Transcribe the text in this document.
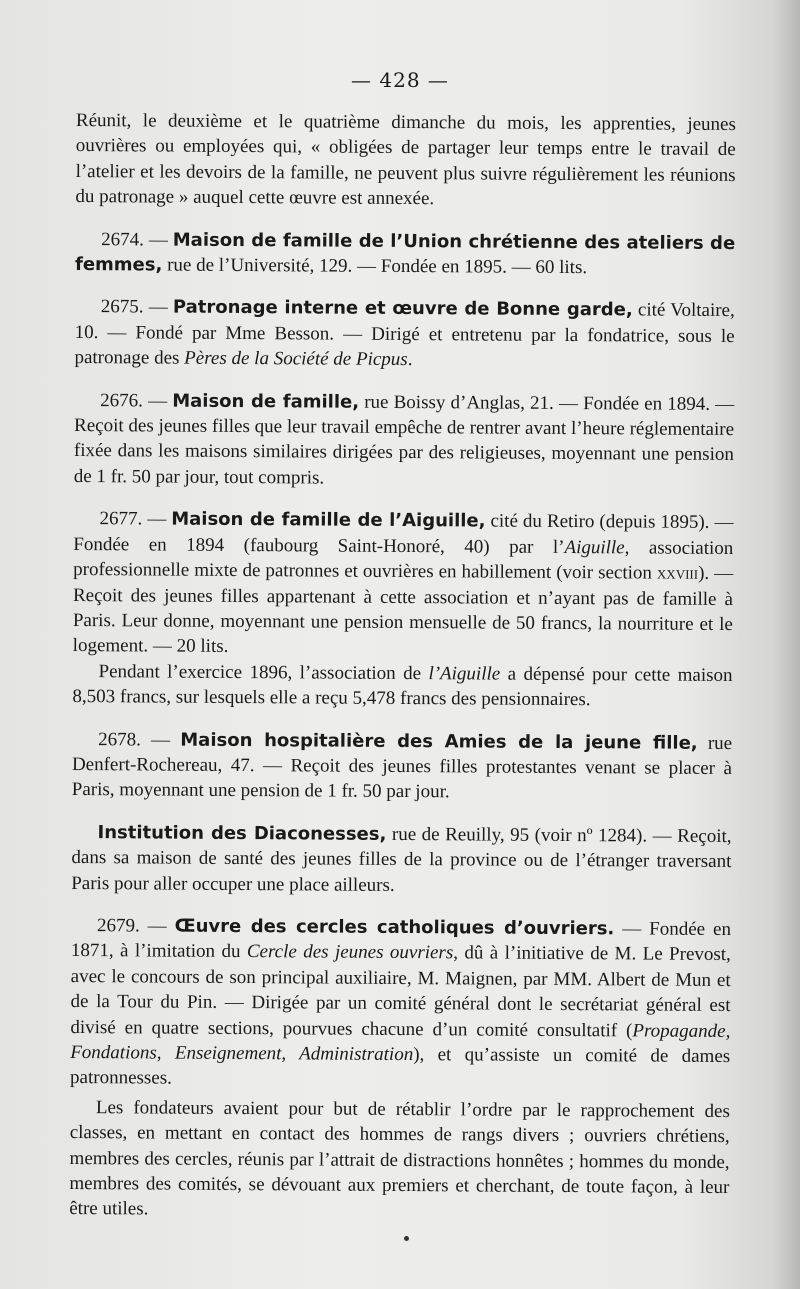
— 428 —

Réunit, le deuxième et le quatrième dimanche du mois, les apprenties, jeunes ouvrières ou employées qui, « obligées de partager leur temps entre le travail de l’atelier et les devoirs de la famille, ne peuvent plus suivre régulièrement les réunions du patronage » auquel cette œuvre est annexée.

2674. — Maison de famille de l’Union chrétienne des ateliers de femmes, rue de l’Université, 129. — Fondée en 1895. — 60 lits.

2675. — Patronage interne et œuvre de Bonne garde, cité Voltaire, 10. — Fondé par Mme Besson. — Dirigé et entretenu par la fondatrice, sous le patronage des Pères de la Société de Picpus.

2676. — Maison de famille, rue Boissy d’Anglas, 21. — Fondée en 1894. — Reçoit des jeunes filles que leur travail empêche de rentrer avant l’heure réglementaire fixée dans les maisons similaires dirigées par des religieuses, moyennant une pension de 1 fr. 50 par jour, tout compris.

2677. — Maison de famille de l’Aiguille, cité du Retiro (depuis 1895). — Fondée en 1894 (faubourg Saint-Honoré, 40) par l’Aiguille, association professionnelle mixte de patronnes et ouvrières en habillement (voir section xxviii). — Reçoit des jeunes filles appartenant à cette association et n’ayant pas de famille à Paris. Leur donne, moyennant une pension mensuelle de 50 francs, la nourriture et le logement. — 20 lits.

Pendant l’exercice 1896, l’association de l’Aiguille a dépensé pour cette maison 8,503 francs, sur lesquels elle a reçu 5,478 francs des pensionnaires.

2678. — Maison hospitalière des Amies de la jeune fille, rue Denfert-Rochereau, 47. — Reçoit des jeunes filles protestantes venant se placer à Paris, moyennant une pension de 1 fr. 50 par jour.

Institution des Diaconesses, rue de Reuilly, 95 (voir nº 1284). — Reçoit, dans sa maison de santé des jeunes filles de la province ou de l’étranger traversant Paris pour aller occuper une place ailleurs.

2679. — Œuvre des cercles catholiques d’ouvriers. — Fondée en 1871, à l’imitation du Cercle des jeunes ouvriers, dû à l’initiative de M. Le Prevost, avec le concours de son principal auxiliaire, M. Maignen, par MM. Albert de Mun et de la Tour du Pin. — Dirigée par un comité général dont le secrétariat général est divisé en quatre sections, pourvues chacune d’un comité consultatif (Propagande, Fondations, Enseignement, Administration), et qu’assiste un comité de dames patronnesses.

Les fondateurs avaient pour but de rétablir l’ordre par le rapprochement des classes, en mettant en contact des hommes de rangs divers ; ouvriers chrétiens, membres des cercles, réunis par l’attrait de distractions honnêtes ; hommes du monde, membres des comités, se dévouant aux premiers et cherchant, de toute façon, à leur être utiles.
